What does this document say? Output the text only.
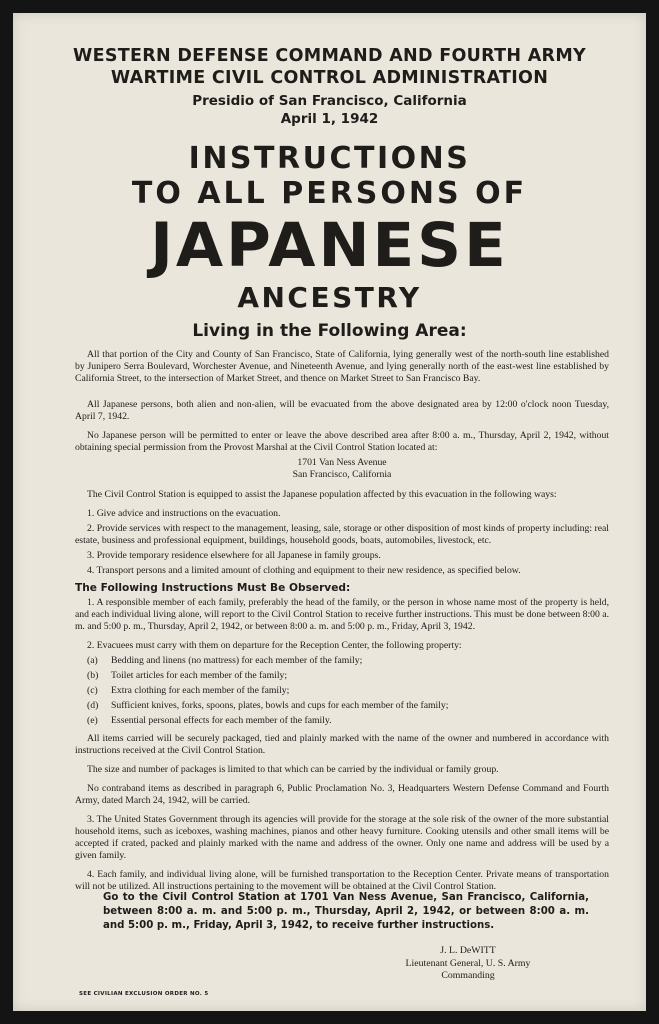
WESTERN DEFENSE COMMAND AND FOURTH ARMY
WARTIME CIVIL CONTROL ADMINISTRATION
Presidio of San Francisco, California
April 1, 1942
INSTRUCTIONS
TO ALL PERSONS OF
JAPANESE
ANCESTRY
Living in the Following Area:

All that portion of the City and County of San Francisco, State of California, lying generally west of the north-south line established by Junipero Serra Boulevard, Worchester Avenue, and Nineteenth Avenue, and lying generally north of the east-west line established by California Street, to the intersection of Market Street, and thence on Market Street to San Francisco Bay.

All Japanese persons, both alien and non-alien, will be evacuated from the above designated area by 12:00 o'clock noon Tuesday, April 7, 1942.

No Japanese person will be permitted to enter or leave the above described area after 8:00 a. m., Thursday, April 2, 1942, without obtaining special permission from the Provost Marshal at the Civil Control Station located at:

1701 Van Ness Avenue
San Francisco, California

The Civil Control Station is equipped to assist the Japanese population affected by this evacuation in the following ways:

1. Give advice and instructions on the evacuation.
2. Provide services with respect to the management, leasing, sale, storage or other disposition of most kinds of property including: real estate, business and professional equipment, buildings, household goods, boats, automobiles, livestock, etc.
3. Provide temporary residence elsewhere for all Japanese in family groups.
4. Transport persons and a limited amount of clothing and equipment to their new residence, as specified below.
The Following Instructions Must Be Observed:

1. A responsible member of each family, preferably the head of the family, or the person in whose name most of the property is held, and each individual living alone, will report to the Civil Control Station to receive further instructions. This must be done between 8:00 a. m. and 5:00 p. m., Thursday, April 2, 1942, or between 8:00 a. m. and 5:00 p. m., Friday, April 3, 1942.

2. Evacuees must carry with them on departure for the Reception Center, the following property:

(a) Bedding and linens (no mattress) for each member of the family;
(b) Toilet articles for each member of the family;
(c) Extra clothing for each member of the family;
(d) Sufficient knives, forks, spoons, plates, bowls and cups for each member of the family;
(e) Essential personal effects for each member of the family.

All items carried will be securely packaged, tied and plainly marked with the name of the owner and numbered in accordance with instructions received at the Civil Control Station.

The size and number of packages is limited to that which can be carried by the individual or family group.

No contraband items as described in paragraph 6, Public Proclamation No. 3, Headquarters Western Defense Command and Fourth Army, dated March 24, 1942, will be carried.

3. The United States Government through its agencies will provide for the storage at the sole risk of the owner of the more substantial household items, such as iceboxes, washing machines, pianos and other heavy furniture. Cooking utensils and other small items will be accepted if crated, packed and plainly marked with the name and address of the owner. Only one name and address will be used by a given family.

4. Each family, and individual living alone, will be furnished transportation to the Reception Center. Private means of transportation will not be utilized. All instructions pertaining to the movement will be obtained at the Civil Control Station.

Go to the Civil Control Station at 1701 Van Ness Avenue, San Francisco, California, between 8:00 a. m. and 5:00 p. m., Thursday, April 2, 1942, or between 8:00 a. m. and 5:00 p. m., Friday, April 3, 1942, to receive further instructions.
J. L. DeWITT
Lieutenant General, U. S. Army
Commanding
SEE CIVILIAN EXCLUSION ORDER NO. 5
